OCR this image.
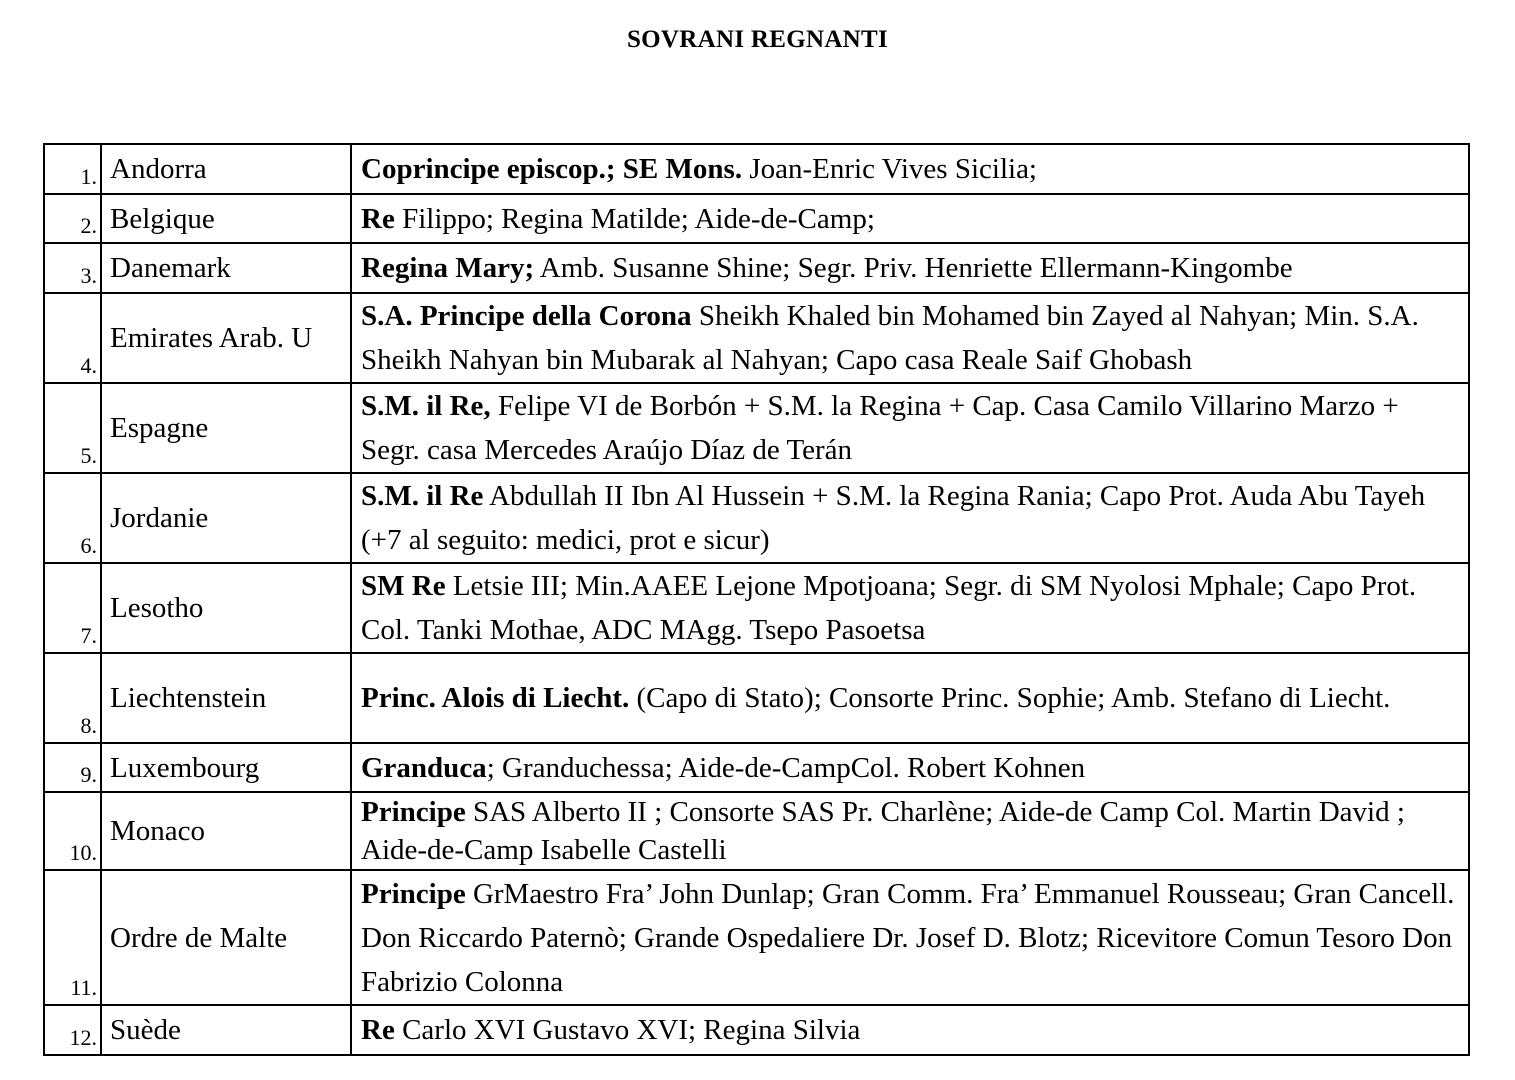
SOVRANI REGNANTI
1.	Andorra	Coprincipe episcop.; SE Mons. Joan-Enric Vives Sicilia;
2.	Belgique	Re Filippo; Regina Matilde; Aide-de-Camp;
3.	Danemark	Regina Mary; Amb. Susanne Shine; Segr. Priv. Henriette Ellermann-Kingombe
4.	Emirates Arab. U	S.A. Principe della Corona Sheikh Khaled bin Mohamed bin Zayed al Nahyan; Min. S.A. Sheikh Nahyan bin Mubarak al Nahyan; Capo casa Reale Saif Ghobash
5.	Espagne	S.M. il Re, Felipe VI de Borbón + S.M. la Regina + Cap. Casa Camilo Villarino Marzo + Segr. casa Mercedes Araújo Díaz de Terán
6.	Jordanie	S.M. il Re Abdullah II Ibn Al Hussein + S.M. la Regina Rania; Capo Prot. Auda Abu Tayeh (+7 al seguito: medici, prot e sicur)
7.	Lesotho	SM Re Letsie III; Min.AAEE Lejone Mpotjoana; Segr. di SM Nyolosi Mphale; Capo Prot. Col. Tanki Mothae, ADC MAgg. Tsepo Pasoetsa
8.	Liechtenstein	Princ. Alois di Liecht. (Capo di Stato); Consorte Princ. Sophie; Amb. Stefano di Liecht.
9.	Luxembourg	Granduca; Granduchessa; Aide-de-CampCol. Robert Kohnen
10.	Monaco	Principe SAS Alberto II ; Consorte SAS Pr. Charlène; Aide-de Camp Col. Martin David ; Aide-de-Camp Isabelle Castelli
11.	Ordre de Malte	Principe GrMaestro Fra’ John Dunlap; Gran Comm. Fra’ Emmanuel Rousseau; Gran Cancell. Don Riccardo Paternò; Grande Ospedaliere Dr. Josef D. Blotz; Ricevitore Comun Tesoro Don Fabrizio Colonna
12.	Suède	Re Carlo XVI Gustavo XVI; Regina Silvia
